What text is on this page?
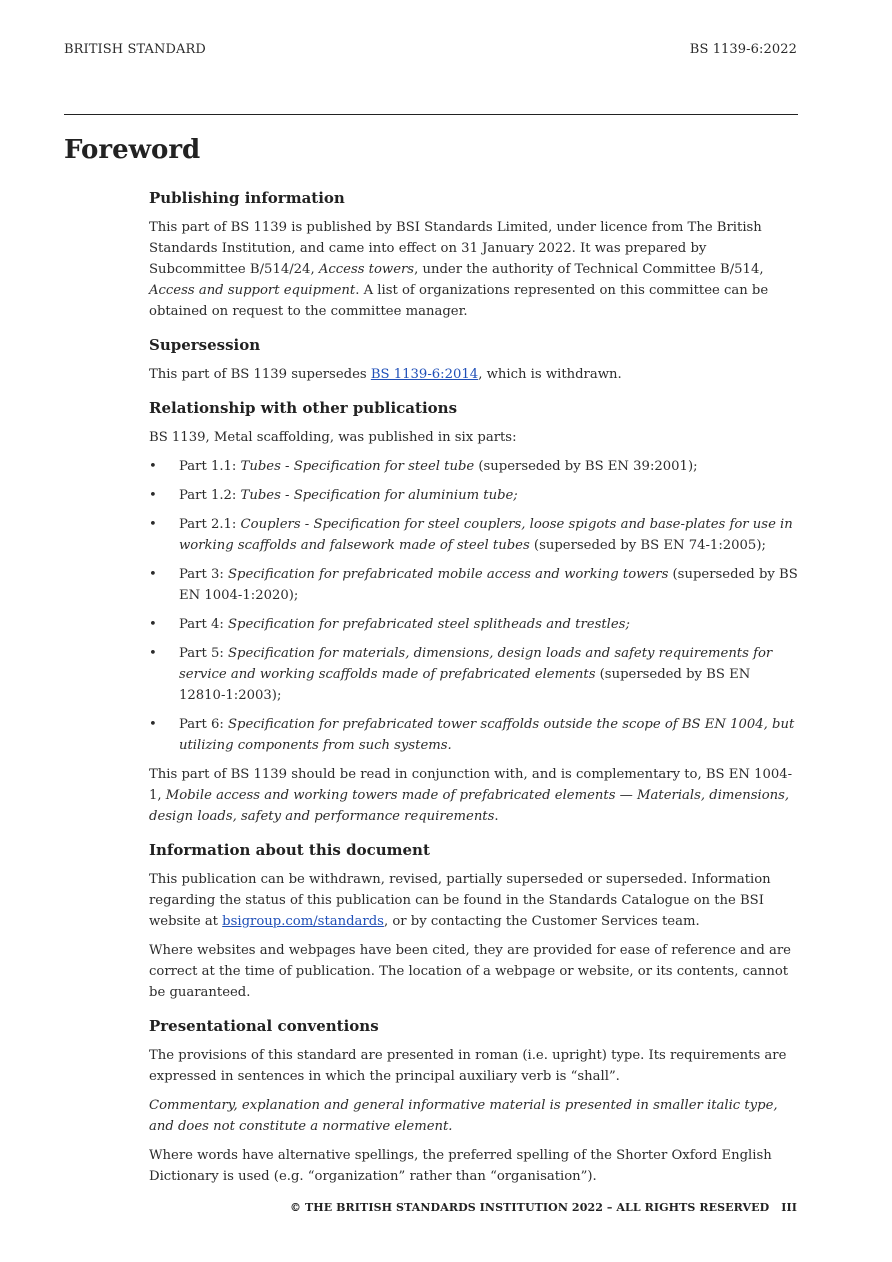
BRITISH STANDARD	BS 1139-6:2022
Foreword
Publishing information

This part of BS 1139 is published by BSI Standards Limited, under licence from The British Standards Institution, and came into effect on 31 January 2022. It was prepared by Subcommittee B/514/24, Access towers, under the authority of Technical Committee B/514, Access and support equipment. A list of organizations represented on this committee can be obtained on request to the committee manager.

Supersession

This part of BS 1139 supersedes BS 1139-6:2014, which is withdrawn.

Relationship with other publications

BS 1139, Metal scaffolding, was published in six parts:

• Part 1.1: Tubes - Specification for steel tube (superseded by BS EN 39:2001);
• Part 1.2: Tubes - Specification for aluminium tube;
• Part 2.1: Couplers - Specification for steel couplers, loose spigots and base-plates for use in working scaffolds and falsework made of steel tubes (superseded by BS EN 74-1:2005);
• Part 3: Specification for prefabricated mobile access and working towers (superseded by BS EN 1004-1:2020);
• Part 4: Specification for prefabricated steel splitheads and trestles;
• Part 5: Specification for materials, dimensions, design loads and safety requirements for service and working scaffolds made of prefabricated elements (superseded by BS EN 12810-1:2003);
• Part 6: Specification for prefabricated tower scaffolds outside the scope of BS EN 1004, but utilizing components from such systems.

This part of BS 1139 should be read in conjunction with, and is complementary to, BS EN 1004-1, Mobile access and working towers made of prefabricated elements — Materials, dimensions, design loads, safety and performance requirements.

Information about this document

This publication can be withdrawn, revised, partially superseded or superseded. Information regarding the status of this publication can be found in the Standards Catalogue on the BSI website at bsigroup.com/standards, or by contacting the Customer Services team.

Where websites and webpages have been cited, they are provided for ease of reference and are correct at the time of publication. The location of a webpage or website, or its contents, cannot be guaranteed.

Presentational conventions

The provisions of this standard are presented in roman (i.e. upright) type. Its requirements are expressed in sentences in which the principal auxiliary verb is “shall”.

Commentary, explanation and general informative material is presented in smaller italic type, and does not constitute a normative element.

Where words have alternative spellings, the preferred spelling of the Shorter Oxford English Dictionary is used (e.g. “organization” rather than “organisation”).

© THE BRITISH STANDARDS INSTITUTION 2022 – ALL RIGHTS RESERVED III
